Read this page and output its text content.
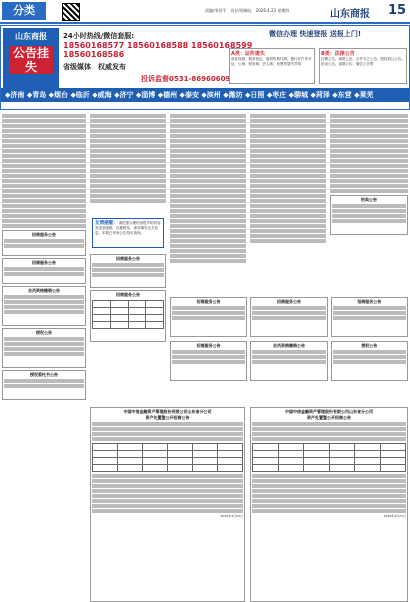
分类	责编/李西平　设计/邢楠仪　2026.4.23 星期四	山东商报 15
山东商报
公告挂失
24小时热线/微信套服:
18560168577 18560168588 18560168599 18560168586
省级媒体　权威发布
投诉监督0531-86960609
微信办理 快速登报 送报上门!
A类：证件遗失
营业执照、税务登记、组织机构代码、银行开户许可证、公章、财务章、法人章、发票等遗失声明
B类：法律公告
注销公告、减资公告、合并分立公告、股权转让公告、拍卖公告、清算公告、催告公告等
◆济南 ◆青岛 ◆烟台 ◆临沂 ◆威海 ◆济宁 ◆淄博 ◆德州 ◆泰安 ◆滨州 ◆潍坊 ◆日照 ◆枣庄 ◆聊城 ◆菏泽 ◆东营 ◆莱芜
招商服务公告
招商服务公告
会员资格撤销公告
授权公告
授权委托书公告
友情提醒： 请把需办理的登报声明内容发送至邮箱，以便核实，请勿填写无关信息，本报已刊登公告均可查询。
招商服务公告
招商服务公告

拍卖公告
招商服务公告	招商服务公告	招商服务公告
招商服务公告	会员资格撤销公告	授权公告
中国中信金融资产管理股份有限公司山东省分公司
资产处置暨公开招商公告

2026年4月23日
中国中信金融资产管理股份有限公司山东省分公司
资产处置暨公开招商公告

2026年4月23日
